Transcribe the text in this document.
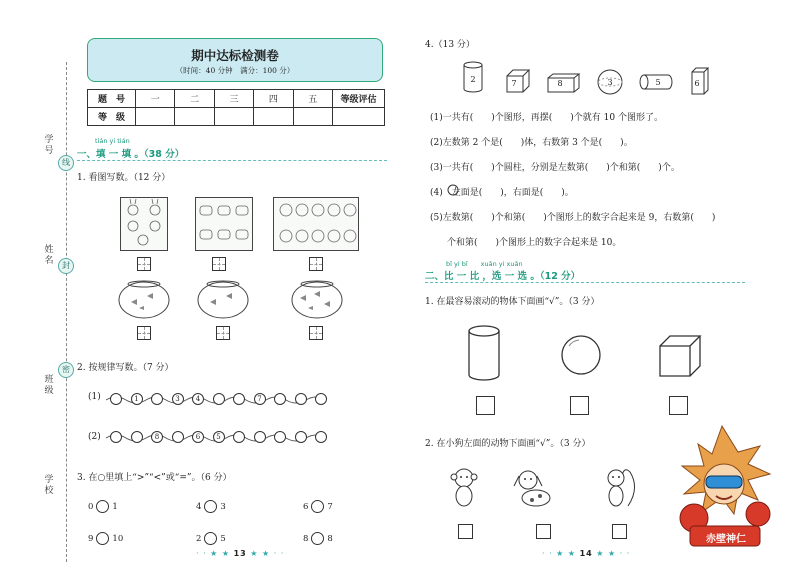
学号
姓名
班级
学校
线
封
密
期中达标检测卷
（时间：40 分钟　满分：100 分）
题　号	一	二	三	四	五	等级评估
等　级						
tián yi tián
一、填 一 填 。（38 分）
1. 看图写数。（12 分）
2. 按规律写数。（7 分）
(1)
(2)
1	3	4	7
8	6	5
3. 在○里填上“>”“<”或“=”。（6 分）
0 1	4 3	6 7
9 10	2 5	8 8
· · ★ ★ 13 ★ ★ · ·
4.（13 分）
2	7	8	3	5	6
(1)一共有(　　)个图形，再摆(　　)个就有 10 个图形了。
(2)左数第 2 个是(　　)体，右数第 3 个是(　　)。
(3)一共有(　　)个圆柱，分别是左数第(　　)个和第(　　)个。
(4)　左面是(　　)，右面是(　　)。
(5)左数第(　　)个和第(　　)个图形上的数字合起来是 9，右数第(　　)
个和第(　　)个图形上的数字合起来是 10。
bǐ yi bǐ　　xuǎn yi xuǎn
二、比 一 比 ，选 一 选 。（12 分）
1. 在最容易滚动的物体下面画“√”。（3 分）
2. 在小狗左面的动物下面画“√”。（3 分）
· · ★ ★ 14 ★ ★ · ·
赤壁神仁
